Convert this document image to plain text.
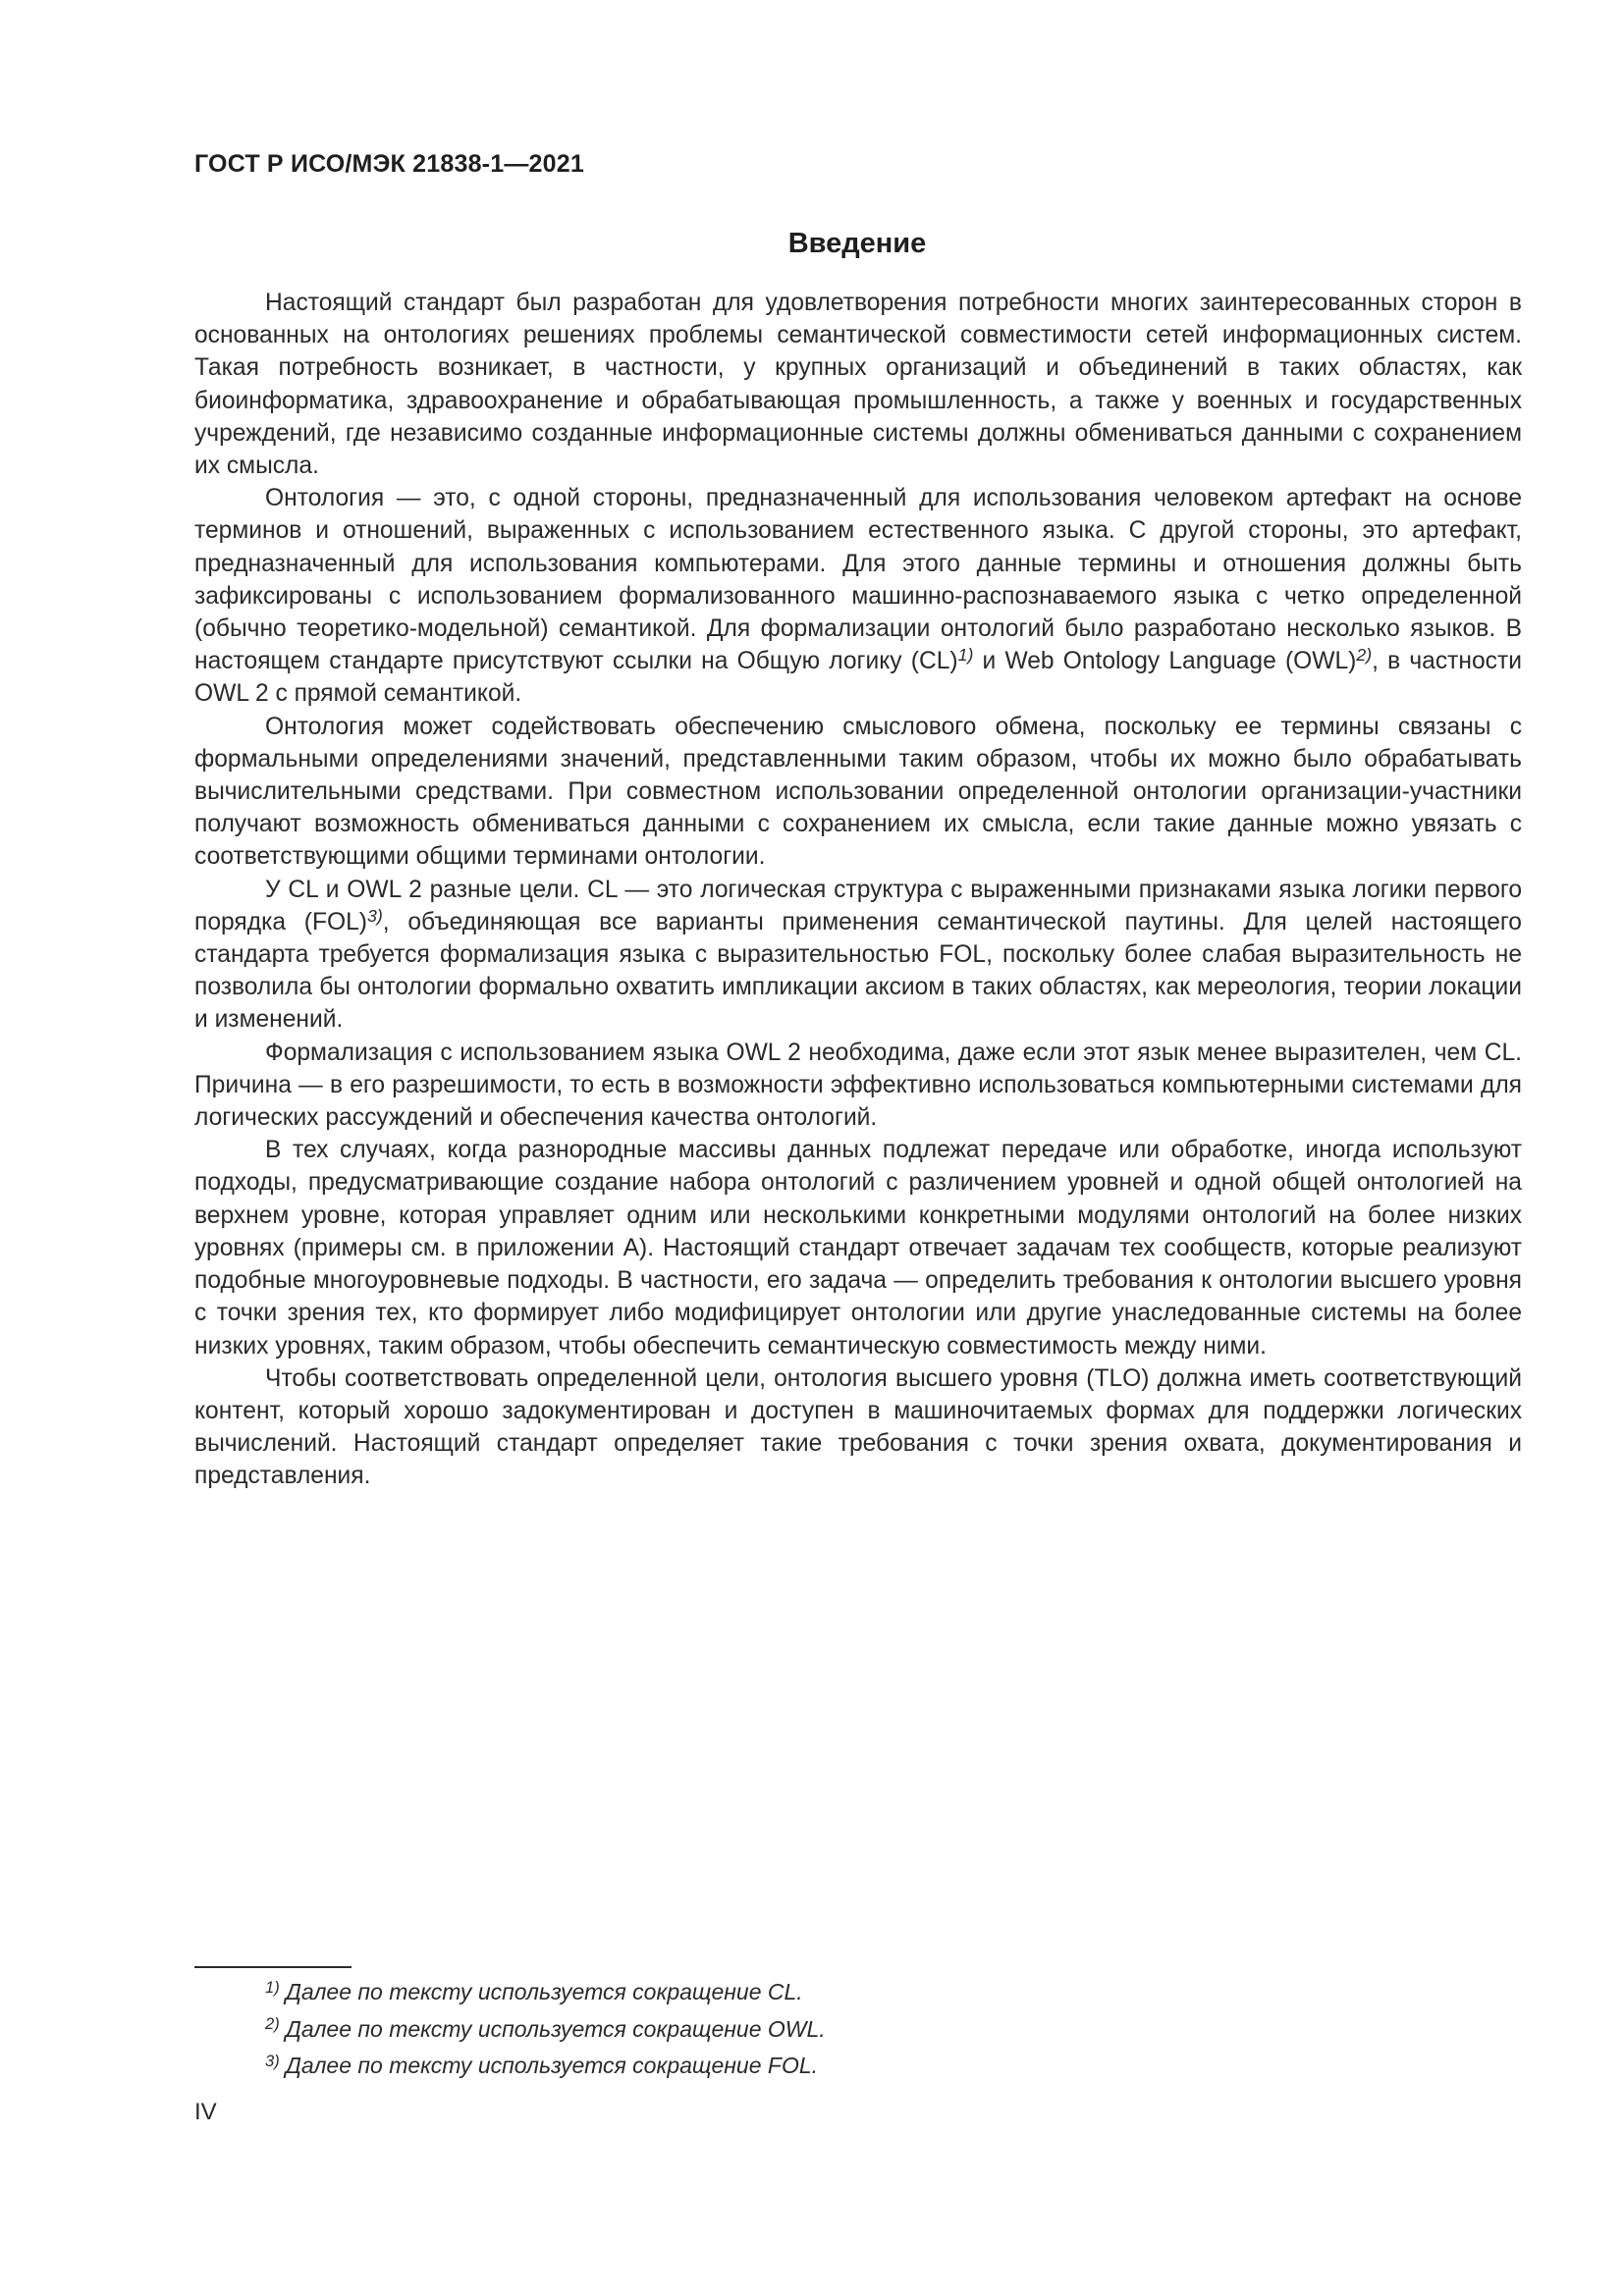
ГОСТ Р ИСО/МЭК 21838-1—2021
Введение

Настоящий стандарт был разработан для удовлетворения потребности многих заинтересованных сторон в основанных на онтологиях решениях проблемы семантической совместимости сетей информационных систем. Такая потребность возникает, в частности, у крупных организаций и объединений в таких областях, как биоинформатика, здравоохранение и обрабатывающая промышленность, а также у военных и государственных учреждений, где независимо созданные информационные системы должны обмениваться данными с сохранением их смысла.

Онтология — это, с одной стороны, предназначенный для использования человеком артефакт на основе терминов и отношений, выраженных с использованием естественного языка. С другой стороны, это артефакт, предназначенный для использования компьютерами. Для этого данные термины и отношения должны быть зафиксированы с использованием формализованного машинно-распознаваемого языка с четко определенной (обычно теоретико-модельной) семантикой. Для формализации онтологий было разработано несколько языков. В настоящем стандарте присутствуют ссылки на Общую логику (CL)$^{1)}$ и Web Ontology Language (OWL)$^{2)}$, в частности OWL 2 с прямой семантикой.

Онтология может содействовать обеспечению смыслового обмена, поскольку ее термины связаны с формальными определениями значений, представленными таким образом, чтобы их можно было обрабатывать вычислительными средствами. При совместном использовании определенной онтологии организации-участники получают возможность обмениваться данными с сохранением их смысла, если такие данные можно увязать с соответствующими общими терминами онтологии.

У CL и OWL 2 разные цели. CL — это логическая структура с выраженными признаками языка логики первого порядка (FOL)$^{3)}$, объединяющая все варианты применения семантической паутины. Для целей настоящего стандарта требуется формализация языка с выразительностью FOL, поскольку более слабая выразительность не позволила бы онтологии формально охватить импликации аксиом в таких областях, как мереология, теории локации и изменений.

Формализация с использованием языка OWL 2 необходима, даже если этот язык менее выразителен, чем CL. Причина — в его разрешимости, то есть в возможности эффективно использоваться компьютерными системами для логических рассуждений и обеспечения качества онтологий.

В тех случаях, когда разнородные массивы данных подлежат передаче или обработке, иногда используют подходы, предусматривающие создание набора онтологий с различением уровней и одной общей онтологией на верхнем уровне, которая управляет одним или несколькими конкретными модулями онтологий на более низких уровнях (примеры см. в приложении А). Настоящий стандарт отвечает задачам тех сообществ, которые реализуют подобные многоуровневые подходы. В частности, его задача — определить требования к онтологии высшего уровня с точки зрения тех, кто формирует либо модифицирует онтологии или другие унаследованные системы на более низких уровнях, таким образом, чтобы обеспечить семантическую совместимость между ними.

Чтобы соответствовать определенной цели, онтология высшего уровня (TLO) должна иметь соответствующий контент, который хорошо задокументирован и доступен в машиночитаемых формах для поддержки логических вычислений. Настоящий стандарт определяет такие требования с точки зрения охвата, документирования и представления.

$^{1)}$ Далее по тексту используется сокращение CL.
$^{2)}$ Далее по тексту используется сокращение OWL.
$^{3)}$ Далее по тексту используется сокращение FOL.
IV
